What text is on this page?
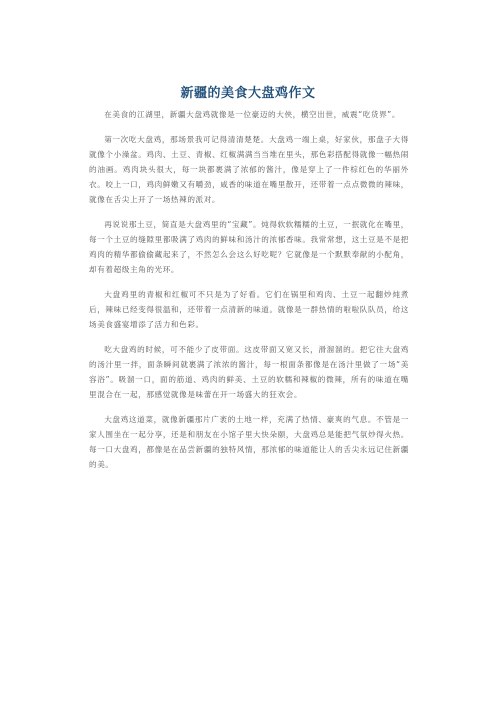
新疆的美食大盘鸡作文

在美食的江湖里，新疆大盘鸡就像是一位豪迈的大侠，横空出世，威震“吃货界”。

第一次吃大盘鸡，那场景我可记得清清楚楚。大盘鸡一端上桌，好家伙，那盘子大得就像个小澡盆。鸡肉、土豆、青椒、红椒满满当当堆在里头，那色彩搭配得就像一幅热闹的油画。鸡肉块头很大，每一块都裹满了浓郁的酱汁，像是穿上了一件棕红色的华丽外衣。咬上一口，鸡肉鲜嫩又有嚼劲，咸香的味道在嘴里散开，还带着一点点微微的辣味，就像在舌尖上开了一场热辣的派对。

再说说那土豆，简直是大盘鸡里的“宝藏”。炖得软软糯糯的土豆，一抿就化在嘴里，每一个土豆的缝隙里都吸满了鸡肉的鲜味和汤汁的浓郁香味。我常常想，这土豆是不是把鸡肉的精华都偷偷藏起来了，不然怎么会这么好吃呢？它就像是一个默默奉献的小配角，却有着超级主角的光环。

大盘鸡里的青椒和红椒可不只是为了好看。它们在锅里和鸡肉、土豆一起翻炒炖煮后，辣味已经变得很温和，还带着一点清新的味道。就像是一群热情的啦啦队队员，给这场美食盛宴增添了活力和色彩。

吃大盘鸡的时候，可不能少了皮带面。这皮带面又宽又长，滑溜溜的。把它往大盘鸡的汤汁里一拌，面条瞬间就裹满了浓浓的酱汁，每一根面条都像是在汤汁里做了一场“美容浴”。吸溜一口，面的筋道、鸡肉的鲜美、土豆的软糯和辣椒的微辣，所有的味道在嘴里混合在一起，那感觉就像是味蕾在开一场盛大的狂欢会。

大盘鸡这道菜，就像新疆那片广袤的土地一样，充满了热情、豪爽的气息。不管是一家人围坐在一起分享，还是和朋友在小馆子里大快朵颐，大盘鸡总是能把气氛炒得火热。每一口大盘鸡，都像是在品尝新疆的独特风情，那浓郁的味道能让人的舌尖永远记住新疆的美。
